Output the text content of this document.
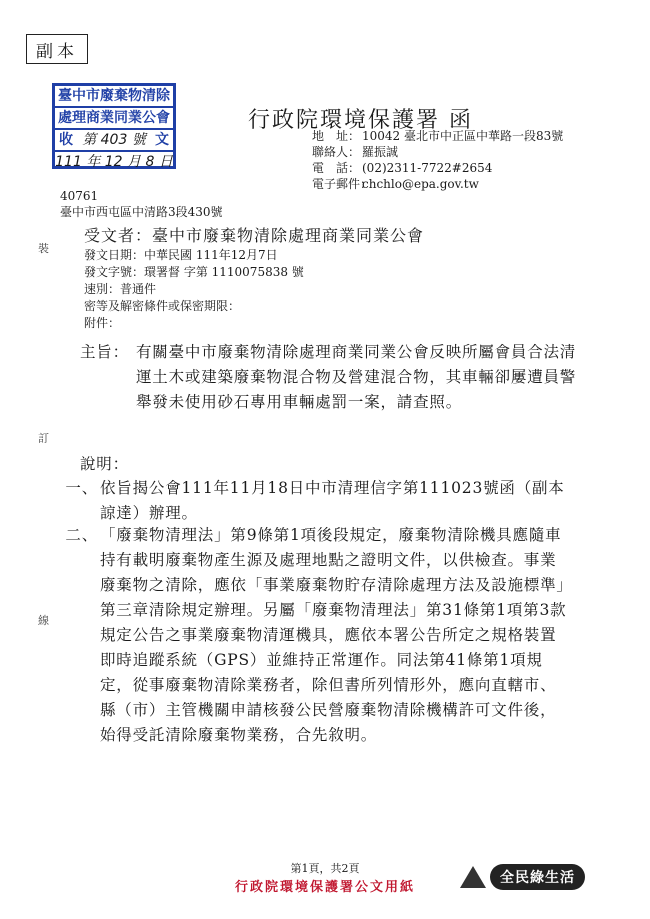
副本
臺中市廢棄物清除
處理商業同業公會
收 第 403 號 文
111 年 12 月 8 日
行政院環境保護署 函
地　址： 10042 臺北市中正區中華路一段83號
聯絡人： 羅振誠
電　話： (02)2311-7722#2654
電子郵件：chchlo@epa.gov.tw
40761
臺中市西屯區中清路3段430號
受文者：臺中市廢棄物清除處理商業同業公會
發文日期：中華民國 111年12月7日
發文字號：環署督 字第 1110075838 號
速別：普通件
密等及解密條件或保密期限：
附件：
裝
訂
線
主旨： 有關臺中市廢棄物清除處理商業同業公會反映所屬會員合法清運土木或建築廢棄物混合物及營建混合物，其車輛卻屢遭員警舉發未使用砂石專用車輛處罰一案，請查照。
說明：
一、 依旨揭公會111年11月18日中市清理信字第111023號函（副本諒達）辦理。
二、 「廢棄物清理法」第9條第1項後段規定，廢棄物清除機具應隨車持有載明廢棄物產生源及處理地點之證明文件，以供檢查。事業廢棄物之清除，應依「事業廢棄物貯存清除處理方法及設施標準」第三章清除規定辦理。另屬「廢棄物清理法」第31條第1項第3款規定公告之事業廢棄物清運機具，應依本署公告所定之規格裝置即時追蹤系統（GPS）並維持正常運作。同法第41條第1項規定，從事廢棄物清除業務者，除但書所列情形外，應向直轄市、縣（市）主管機關申請核發公民營廢棄物清除機構許可文件後，始得受託清除廢棄物業務，合先敘明。
第1頁，共2頁
行政院環境保護署公文用紙
全民綠生活
